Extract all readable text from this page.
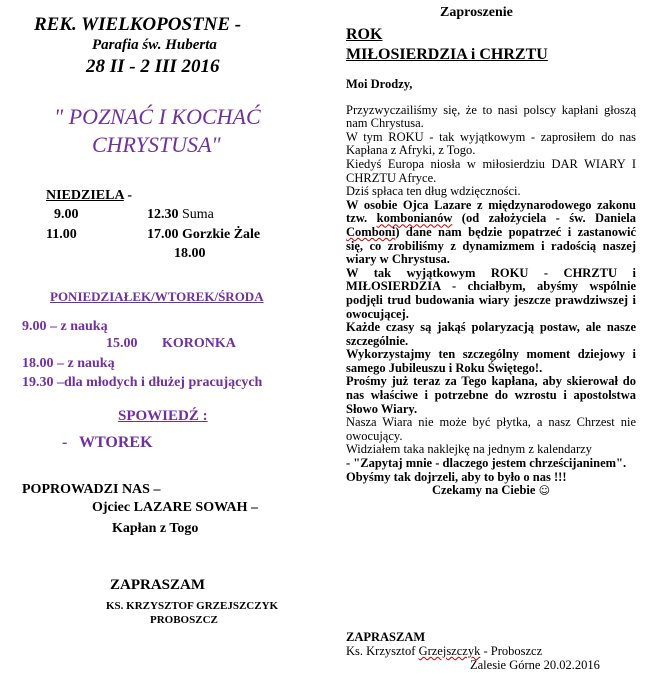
REK. WIELKOPOSTNE -
Parafia św. Huberta
28 II - 2 III 2016
" POZNAĆ I KOCHAĆ
CHRYSTUSA"
NIEDZIELA -
9.00	12.30 Suma
11.00	17.00 Gorzkie Żale
18.00
PONIEDZIAŁEK/WTOREK/ŚRODA
9.00 – z nauką
15.00 KORONKA
18.00 – z nauką
19.30 –dla młodych i dłużej pracujących
SPOWIEDŹ :
-   WTOREK
POPROWADZI NAS –
Ojciec LAZARE SOWAH –
Kapłan z Togo
ZAPRASZAM
KS. KRZYSZTOF GRZEJSZCZYK
PROBOSZCZ
Zaproszenie
ROK
MIŁOSIERDZIA i CHRZTU

Moi Drodzy,

Przyzwyczailiśmy się, że to nasi polscy kapłani głoszą nam Chrystusa.

W tym ROKU - tak wyjątkowym - zaprosiłem do nas Kapłana z Afryki, z Togo.

Kiedyś Europa niosła w miłosierdziu DAR WIARY I CHRZTU Afryce.

Dziś spłaca ten dług wdzięczności.

W osobie Ojca Lazare z międzynarodowego zakonu tzw. kombonianów (od założyciela - św. Daniela Comboni) dane nam będzie popatrzeć i zastanowić się, co zrobiliśmy z dynamizmem i radością naszej wiary w Chrystusa.

W tak wyjątkowym ROKU - CHRZTU i MIŁOSIERDZIA - chciałbym, abyśmy wspólnie podjęli trud budowania wiary jeszcze prawdziwszej i owocującej.

Każde czasy są jakąś polaryzacją postaw, ale nasze szczególnie.

Wykorzystajmy ten szczególny moment dziejowy i samego Jubileuszu i Roku Świętego!.

Prośmy już teraz za Tego kapłana, aby skierował do nas właściwe i potrzebne do wzrostu i apostolstwa Słowo Wiary.

Nasza Wiara nie może być płytka, a nasz Chrzest nie owocujący.

Widziałem taka naklejkę na jednym z kalendarzy

- "Zapytaj mnie - dlaczego jestem chrześcijaninem".

Obyśmy tak dojrzeli, aby to było o nas !!!

Czekamy na Ciebie ☺

ZAPRASZAM
Ks. Krzysztof Grzejszczyk - Proboszcz
Zalesie Górne 20.02.2016
